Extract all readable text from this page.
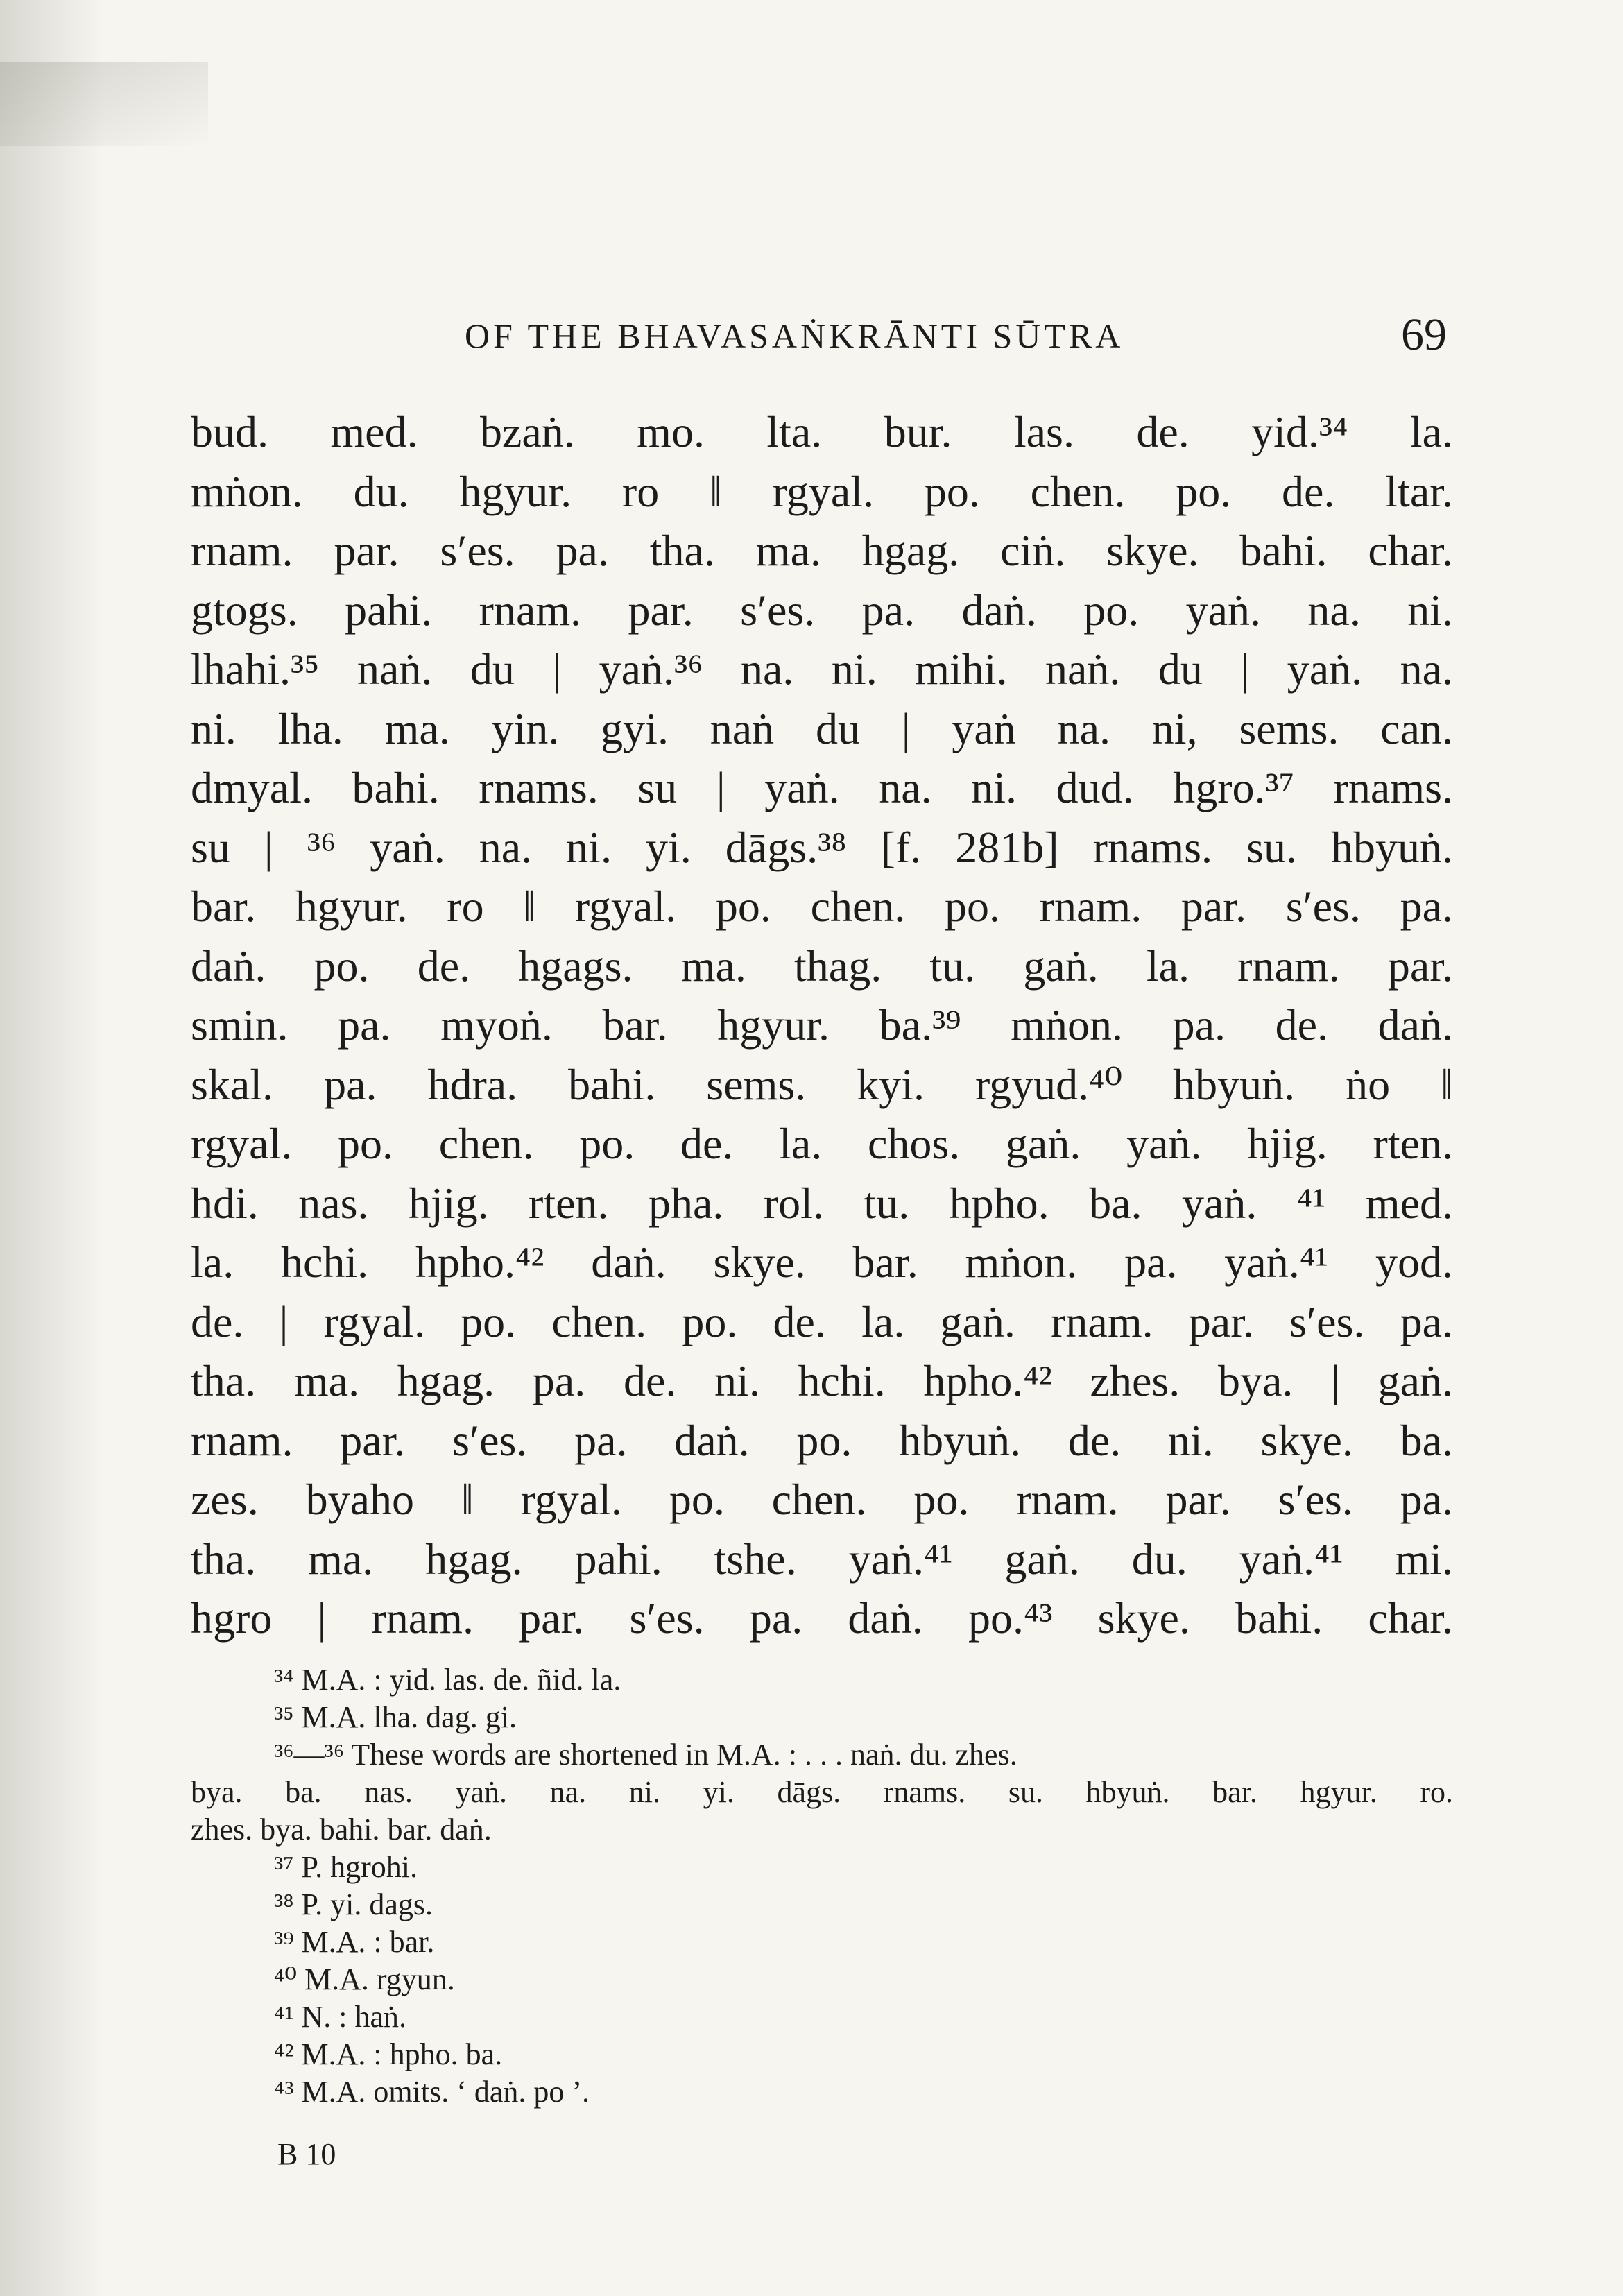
OF THE BHAVASAṄKRĀNTI SŪTRA	69
bud. med. bzaṅ. mo. lta. bur. las. de. yid.³⁴ la.
mṅon. du. hgyur. ro ‖ rgyal. po. chen. po. de. ltar.
rnam. par. s′es. pa. tha. ma. hgag. ciṅ. skye. bahi. char.
gtogs. pahi. rnam. par. s′es. pa. daṅ. po. yaṅ. na. ni.
lhahi.³⁵ naṅ. du | yaṅ.³⁶ na. ni. mihi. naṅ. du | yaṅ. na.
ni. lha. ma. yin. gyi. naṅ du | yaṅ na. ni, sems. can.
dmyal. bahi. rnams. su | yaṅ. na. ni. dud. hgro.³⁷ rnams.
su | ³⁶ yaṅ. na. ni. yi. dāgs.³⁸ [f. 281b] rnams. su. hbyuṅ.
bar. hgyur. ro ‖ rgyal. po. chen. po. rnam. par. s′es. pa.
daṅ. po. de. hgags. ma. thag. tu. gaṅ. la. rnam. par.
smin. pa. myoṅ. bar. hgyur. ba.³⁹ mṅon. pa. de. daṅ.
skal. pa. hdra. bahi. sems. kyi. rgyud.⁴⁰ hbyuṅ. ṅo ‖
rgyal. po. chen. po. de. la. chos. gaṅ. yaṅ. hjig. rten.
hdi. nas. hjig. rten. pha. rol. tu. hpho. ba. yaṅ. ⁴¹ med.
la. hchi. hpho.⁴² daṅ. skye. bar. mṅon. pa. yaṅ.⁴¹ yod.
de. | rgyal. po. chen. po. de. la. gaṅ. rnam. par. s′es. pa.
tha. ma. hgag. pa. de. ni. hchi. hpho.⁴² zhes. bya. | gaṅ.
rnam. par. s′es. pa. daṅ. po. hbyuṅ. de. ni. skye. ba.
zes. byaho ‖ rgyal. po. chen. po. rnam. par. s′es. pa.
tha. ma. hgag. pahi. tshe. yaṅ.⁴¹ gaṅ. du. yaṅ.⁴¹ mi.
hgro | rnam. par. s′es. pa. daṅ. po.⁴³ skye. bahi. char.
³⁴ M.A. : yid. las. de. ñid. la.
³⁵ M.A. lha. dag. gi.
³⁶—³⁶ These words are shortened in M.A. : . . . naṅ. du. zhes.
bya. ba. nas. yaṅ. na. ni. yi. dāgs. rnams. su. hbyuṅ. bar. hgyur. ro.
zhes. bya. bahi. bar. daṅ.
³⁷ P. hgrohi.
³⁸ P. yi. dags.
³⁹ M.A. : bar.
⁴⁰ M.A. rgyun.
⁴¹ N. : haṅ.
⁴² M.A. : hpho. ba.
⁴³ M.A. omits. ‘ daṅ. po ’.
B 10
